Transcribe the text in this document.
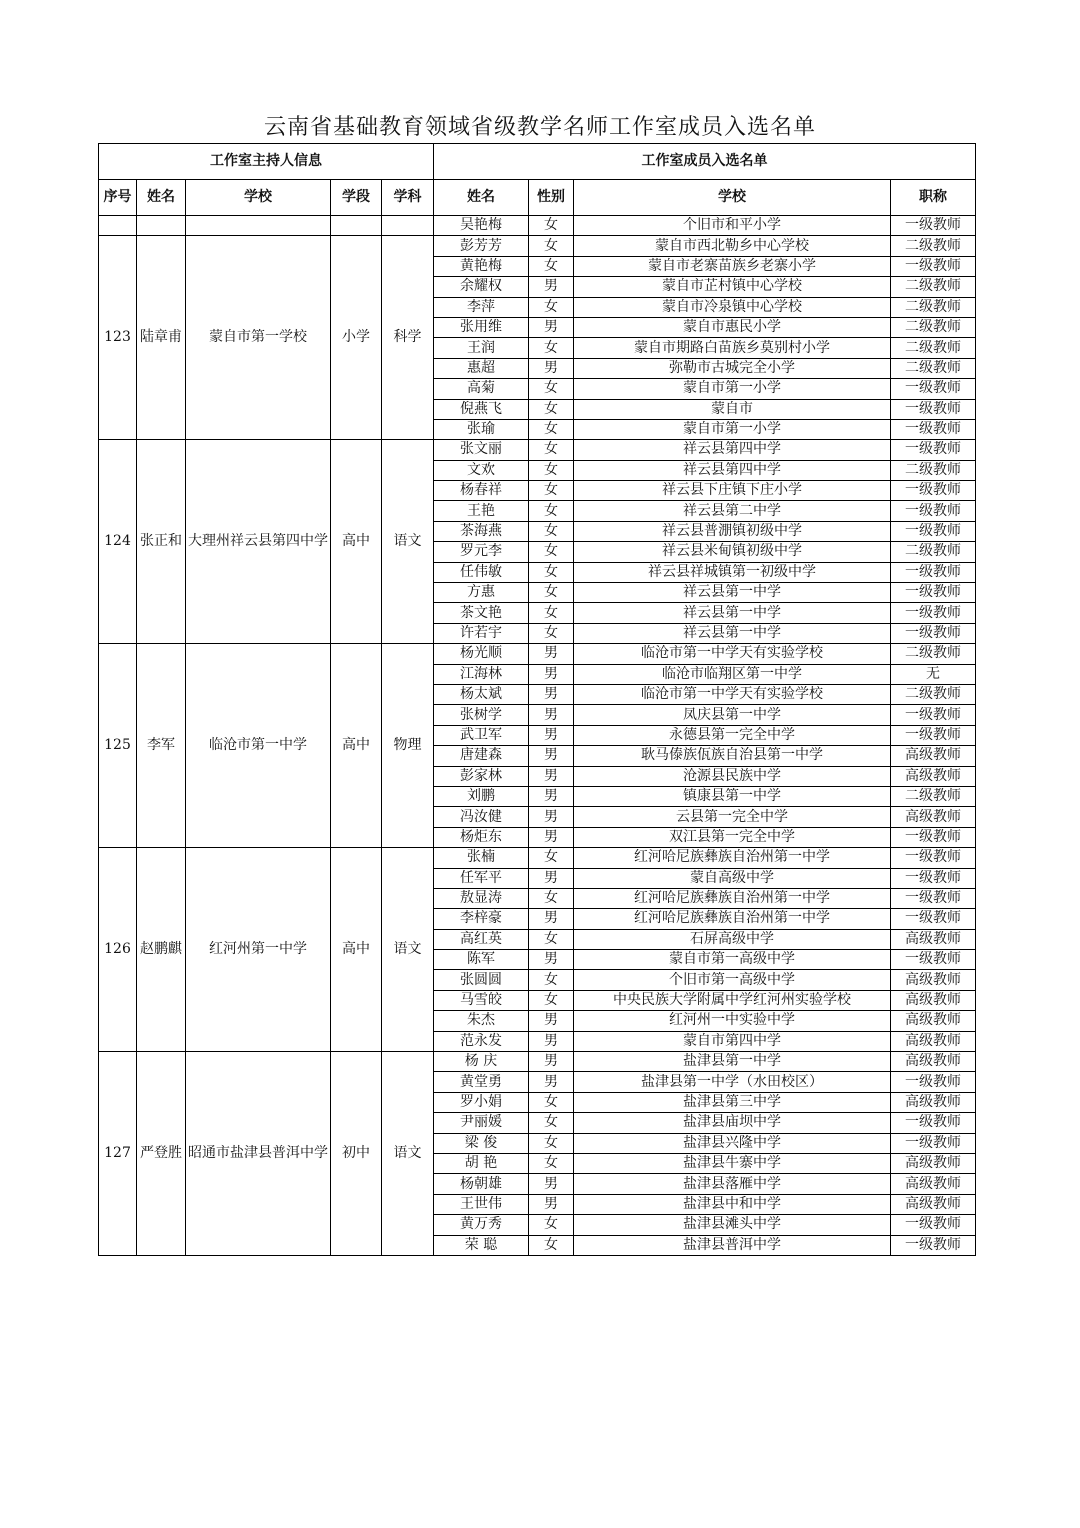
云南省基础教育领域省级教学名师工作室成员入选名单
工作室主持人信息					工作室成员入选名单			
序号	姓名	学校	学段	学科	姓名	性别	学校	职称
					吴艳梅	女	个旧市和平小学	一级教师
123	陆章甫	蒙自市第一学校	小学	科学	彭芳芳	女	蒙自市西北勒乡中心学校	二级教师
					黄艳梅	女	蒙自市老寨苗族乡老寨小学	一级教师
					余耀权	男	蒙自市芷村镇中心学校	二级教师
					李萍	女	蒙自市冷泉镇中心学校	二级教师
					张用维	男	蒙自市惠民小学	二级教师
					王润	女	蒙自市期路白苗族乡莫别村小学	二级教师
					惠超	男	弥勒市古城完全小学	二级教师
					高菊	女	蒙自市第一小学	一级教师
					倪燕飞	女	蒙自市	一级教师
					张瑜	女	蒙自市第一小学	一级教师
124	张正和	大理州祥云县第四中学	高中	语文	张文丽	女	祥云县第四中学	一级教师
					文欢	女	祥云县第四中学	二级教师
					杨春祥	女	祥云县下庄镇下庄小学	一级教师
					王艳	女	祥云县第二中学	一级教师
					茶海燕	女	祥云县普淜镇初级中学	一级教师
					罗元李	女	祥云县米甸镇初级中学	二级教师
					任伟敏	女	祥云县祥城镇第一初级中学	一级教师
					方惠	女	祥云县第一中学	一级教师
					茶文艳	女	祥云县第一中学	一级教师
					许若宇	女	祥云县第一中学	一级教师
125	李军	临沧市第一中学	高中	物理	杨光顺	男	临沧市第一中学天有实验学校	二级教师
					江海林	男	临沧市临翔区第一中学	无
					杨太斌	男	临沧市第一中学天有实验学校	二级教师
					张树学	男	凤庆县第一中学	一级教师
					武卫军	男	永德县第一完全中学	一级教师
					唐建森	男	耿马傣族佤族自治县第一中学	高级教师
					彭家林	男	沧源县民族中学	高级教师
					刘鹏	男	镇康县第一中学	二级教师
					冯汝健	男	云县第一完全中学	高级教师
					杨炬东	男	双江县第一完全中学	一级教师
126	赵鹏麒	红河州第一中学	高中	语文	张楠	女	红河哈尼族彝族自治州第一中学	一级教师
					任军平	男	蒙自高级中学	一级教师
					敖显涛	女	红河哈尼族彝族自治州第一中学	一级教师
					李梓豪	男	红河哈尼族彝族自治州第一中学	一级教师
					高红英	女	石屏高级中学	高级教师
					陈军	男	蒙自市第一高级中学	一级教师
					张圆圆	女	个旧市第一高级中学	高级教师
					马雪皎	女	中央民族大学附属中学红河州实验学校	高级教师
					朱杰	男	红河州一中实验中学	高级教师
					范永发	男	蒙自市第四中学	高级教师
127	严登胜	昭通市盐津县普洱中学	初中	语文	杨 庆	男	盐津县第一中学	高级教师
					黄堂勇	男	盐津县第一中学（水田校区）	一级教师
					罗小娟	女	盐津县第三中学	高级教师
					尹丽媛	女	盐津县庙坝中学	一级教师
					梁 俊	女	盐津县兴隆中学	一级教师
					胡 艳	女	盐津县牛寨中学	高级教师
					杨朝雄	男	盐津县落雁中学	高级教师
					王世伟	男	盐津县中和中学	高级教师
					黄万秀	女	盐津县滩头中学	一级教师
					荣 聪	女	盐津县普洱中学	一级教师
